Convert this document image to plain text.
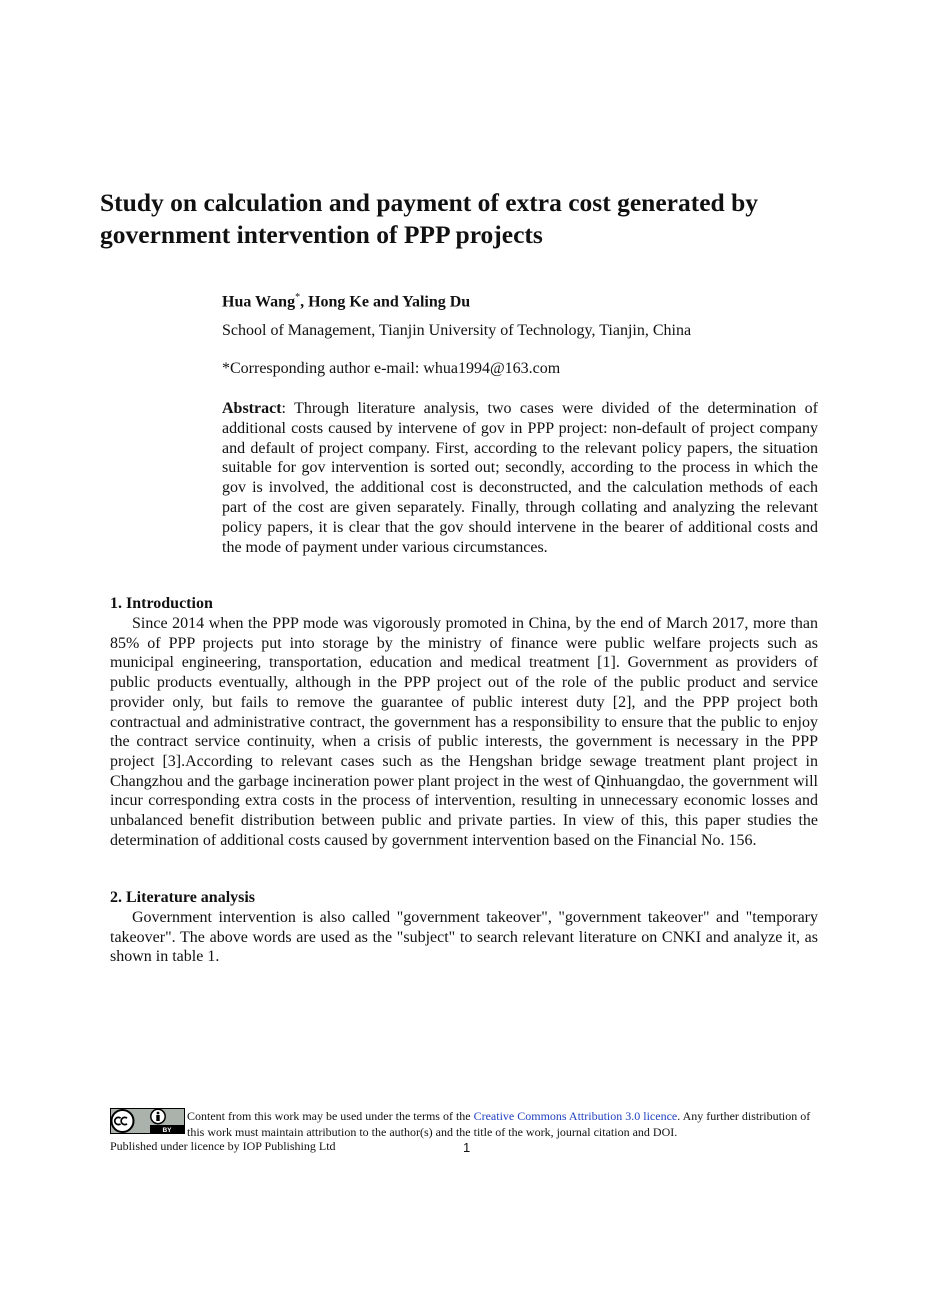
Study on calculation and payment of extra cost generated by government intervention of PPP projects
Hua Wang*, Hong Ke and Yaling Du
School of Management, Tianjin University of Technology, Tianjin, China
*Corresponding author e-mail: whua1994@163.com

Abstract: Through literature analysis, two cases were divided of the determination of additional costs caused by intervene of gov in PPP project: non-default of project company and default of project company. First, according to the relevant policy papers, the situation suitable for gov intervention is sorted out; secondly, according to the process in which the gov is involved, the additional cost is deconstructed, and the calculation methods of each part of the cost are given separately. Finally, through collating and analyzing the relevant policy papers, it is clear that the gov should intervene in the bearer of additional costs and the mode of payment under various circumstances.

1. Introduction

Since 2014 when the PPP mode was vigorously promoted in China, by the end of March 2017, more than 85% of PPP projects put into storage by the ministry of finance were public welfare projects such as municipal engineering, transportation, education and medical treatment [1]. Government as providers of public products eventually, although in the PPP project out of the role of the public product and service provider only, but fails to remove the guarantee of public interest duty [2], and the PPP project both contractual and administrative contract, the government has a responsibility to ensure that the public to enjoy the contract service continuity, when a crisis of public interests, the government is necessary in the PPP project [3].According to relevant cases such as the Hengshan bridge sewage treatment plant project in Changzhou and the garbage incineration power plant project in the west of Qinhuangdao, the government will incur corresponding extra costs in the process of intervention, resulting in unnecessary economic losses and unbalanced benefit distribution between public and private parties. In view of this, this paper studies the determination of additional costs caused by government intervention based on the Financial No. 156.

2. Literature analysis

Government intervention is also called "government takeover", "government takeover" and "temporary takeover". The above words are used as the "subject" to search relevant literature on CNKI and analyze it, as shown in table 1.

BY
Content from this work may be used under the terms of the Creative Commons Attribution 3.0 licence. Any further distribution of this work must maintain attribution to the author(s) and the title of the work, journal citation and DOI.
Published under licence by IOP Publishing Ltd	1
